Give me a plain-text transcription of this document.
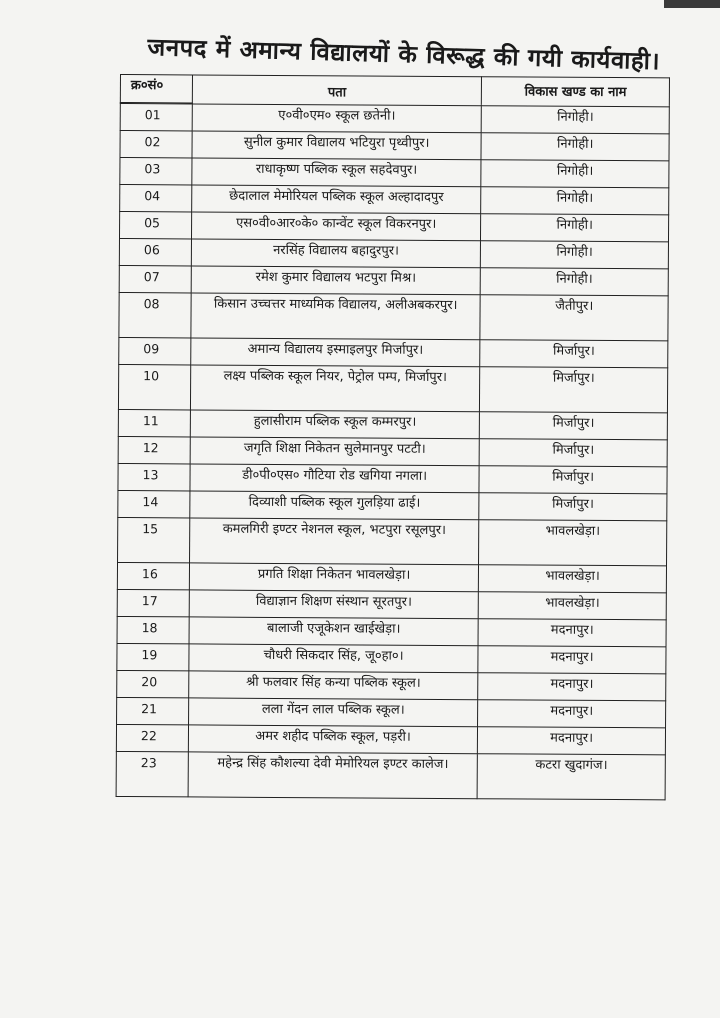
जनपद में अमान्य विद्यालयों के विरूद्ध की गयी कार्यवाही।
क्र०सं०	पता	विकास खण्ड का नाम

01	ए०वी०एम० स्कूल छतेनी।	निगोही।
02	सुनील कुमार विद्यालय भटियुरा पृथ्वीपुर।	निगोही।
03	राधाकृष्ण पब्लिक स्कूल सहदेवपुर।	निगोही।
04	छेदालाल मेमोरियल पब्लिक स्कूल अल्हादादपुर	निगोही।
05	एस०वी०आर०के० कान्वेंट स्कूल विकरनपुर।	निगोही।
06	नरसिंह विद्यालय बहादुरपुर।	निगोही।
07	रमेश कुमार विद्यालय भटपुरा मिश्र।	निगोही।
08	किसान उच्चत्तर माध्यमिक विद्यालय, अलीअबकरपुर।	जैतीपुर।
09	अमान्य विद्यालय इस्माइलपुर मिर्जापुर।	मिर्जापुर।
10	लक्ष्य पब्लिक स्कूल नियर, पेट्रोल पम्प, मिर्जापुर।	मिर्जापुर।
11	हुलासीराम पब्लिक स्कूल कम्मरपुर।	मिर्जापुर।
12	जगृति शिक्षा निकेतन सुलेमानपुर पटटी।	मिर्जापुर।
13	डी०पी०एस० गौटिया रोड खगिया नगला।	मिर्जापुर।
14	दिव्याशी पब्लिक स्कूल गुलड़िया ढाई।	मिर्जापुर।
15	कमलगिरी इण्टर नेशनल स्कूल, भटपुरा रसूलपुर।	भावलखेड़ा।
16	प्रगति शिक्षा निकेतन भावलखेड़ा।	भावलखेड़ा।
17	विद्याज्ञान शिक्षण संस्थान सूरतपुर।	भावलखेड़ा।
18	बालाजी एजूकेशन खाईखेड़ा।	मदनापुर।
19	चौधरी सिकदार सिंह, जू०हा०।	मदनापुर।
20	श्री फलवार सिंह कन्या पब्लिक स्कूल।	मदनापुर।
21	लला गेंदन लाल पब्लिक स्कूल।	मदनापुर।
22	अमर शहीद पब्लिक स्कूल, पड़री।	मदनापुर।
23	महेन्द्र सिंह कौशल्या देवी मेमोरियल इण्टर कालेज।	कटरा खुदागंज।
